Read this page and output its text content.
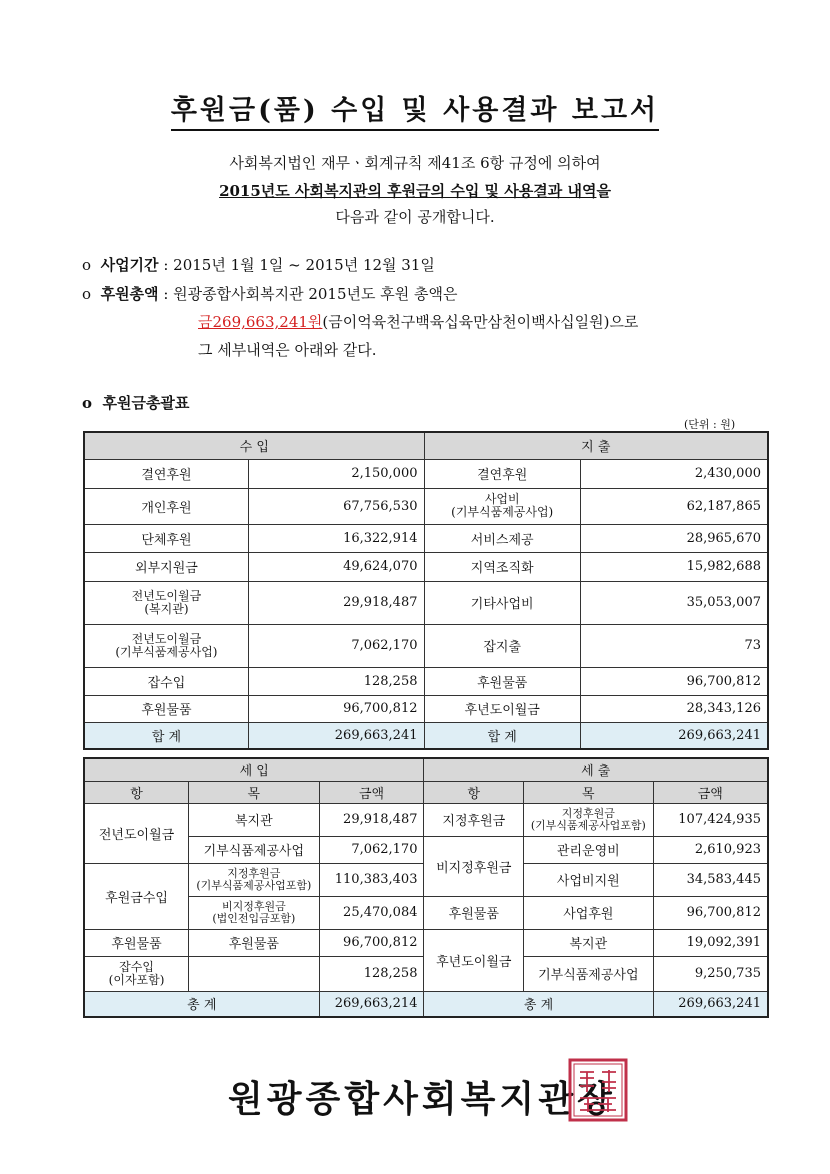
후원금(품) 수입 및 사용결과 보고서
사회복지법인 재무ㆍ회계규칙 제41조 6항 규정에 의하여
2015년도 사회복지관의 후원금의 수입 및 사용결과 내역을
다음과 같이 공개합니다.
o 사업기간 : 2015년 1월 1일 ~ 2015년 12월 31일
o 후원총액 : 원광종합사회복지관 2015년도 후원 총액은
금269,663,241원(금이억육천구백육십육만삼천이백사십일원)으로
그 세부내역은 아래와 같다.
o 후원금총괄표
(단위 : 원)
수 입		지 출	
결연후원	2,150,000	결연후원	2,430,000
개인후원	67,756,530	사업비
(기부식품제공사업)	62,187,865
단체후원	16,322,914	서비스제공	28,965,670
외부지원금	49,624,070	지역조직화	15,982,688
전년도이월금
(복지관)	29,918,487	기타사업비	35,053,007
전년도이월금
(기부식품제공사업)	7,062,170	잡지출	73
잡수입	128,258	후원물품	96,700,812
후원물품	96,700,812	후년도이월금	28,343,126
합 계	269,663,241	합 계	269,663,241
세 입			세 출		
항	목	금액	항	목	금액
전년도이월금	복지관	29,918,487	지정후원금	지정후원금
(기부식품제공사업포함)	107,424,935
	기부식품제공사업	7,062,170	비지정후원금	관리운영비	2,610,923
후원금수입	지정후원금
(기부식품제공사업포함)	110,383,403		사업비지원	34,583,445
	비지정후원금
(법인전입금포함)	25,470,084	후원물품	사업후원	96,700,812
후원물품	후원물품	96,700,812	후년도이월금	복지관	19,092,391
잡수입
(이자포함)		128,258		기부식품제공사업	9,250,735
총 계		269,663,214	총 계		269,663,241
원광종합사회복지관장
